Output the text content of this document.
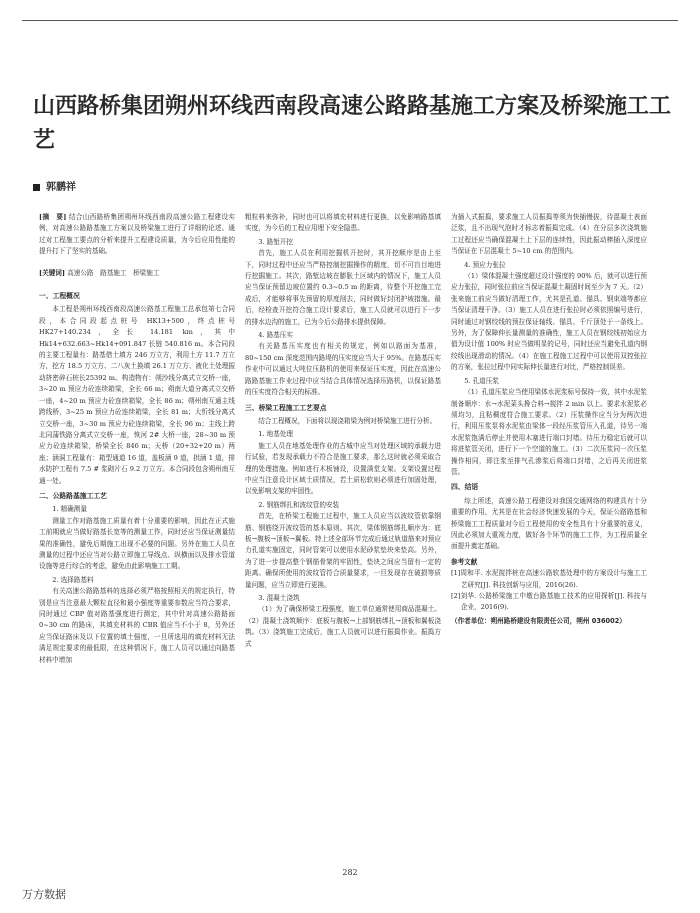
山西路桥集团朔州环线西南段高速公路路基施工方案及桥梁施工工艺
郭鹏祥

[摘　要] 结合山西路桥集团朔州环线西南段高速公路工程建设实例，对高速公路路基施工方案以及桥梁施工进行了详细的论述。通过对工程施工要点的分析来提升工程建设质量，为今后应用性能的提升打下了坚实的基础。

[关键词] 高速公路　路基施工　桥梁施工

一、工程概况

本工程是朔州环线西南段高速公路基工程施工总承包第七合同段，本合同段起点桩号 HK13+500，终点桩号 HK27+140.234，全长 14.181 km，其中 Hk14+632.663~Hk14+091.847 长链 540.816 m。本合同段的主要工程量有：路基借土填方 246 万立方，利用土方 11.7 万立方，挖方 18.5 万立方、二八灰土换填 26.1 万立方、液化土处理振动挤密碎石桩长25392 m。构造物有：朔沙线分离式立交桥一座，3~20 m 预应力砼连续箱梁，全长 66 m；朔南大道分离式立交桥一座，4~20 m 预应力砼连续箱梁，全长 86 m；朔州南互通主线跨线桥，3~25 m 预应力砼连续箱梁，全长 81 m；大忻线分离式立交桥一座，3~30 m 预应力砼连续箱梁，全长 96 m；主线上跨北同蒲铁路分离式立交桥一座，恢河 2# 大桥一座，28~30 m 预应力砼连续箱梁，桥梁全长 846 m；天桥（20+32+20 m）两座；涵洞工程量有：箱型通道 16 道，盖板涵 9 道，拱涵 1 道，排水防护工程有 7.5 # 浆砌片石 9.2 万立方。本合同段包含朔州南互通一处。

二、公路路基施工工艺

1. 精确测量

测量工作对路基施工质量有着十分重要的影响，因此在正式施工前期就应当做好路基长宽等的测量工作，同时还应当保证测量结果的准确性，避免后期施工出现不必要的问题。另外在施工人员在测量的过程中还应当对公路立即施工导线点、纵横面以及排水管道设施等进行综合的考虑，避免由此影响施工工期。

2. 选择路基料

有关高速公路路基料的选择必须严格按照相关的规定执行，特别是应当注意最大颗粒直径和最小强度等重要参数应当符合要求，同时通过 CBP 值对路基强度进行测定，其中针对高速公路路面 0~30 cm 的路床，其填充材料的 CBR 值应当不小于 8，另外还应当保证路床及以下位置的填土强度，一旦所选用的填充材料无法满足规定要求的最低限，在这种情况下，施工人员可以通过向路基材料中增加

粗粒料来弥补，同时也可以将填充材料进行更换，以免影响路基填实度，为今后的工程应用埋下安全隐患。

3. 路堑开挖

首先，施工人员在利用挖掘机开挖时，其开挖顺序是由上至下，同时过程中还应当严格控制挖掘操作的精度，切不可盲目地进行挖掘施工。其次，路堑边坡在膨胀土区域内的情况下，施工人员应当保证预留边坡位置约 0.3~0.5 m 的距离，待整个开挖施工完成后，才能够将事先预留的厚度削去，同时做好封闭护坡措施。最后，经检查开挖符合施工设计要求后，施工人员就可以进行下一步的排水边沟的施工，已为今后公路排水提供保障。

4. 路基压实

有关路基压实度也有相关的规定，例如以路面为基准，80~150 cm 深度范围内路堤的压实度应当大于 95%。在路基压实作业中可以通过大吨位压路机的使用来保证压实度，因此在高速公路路基施工作业过程中应当结合具体情况选择压路机，以保证路基的压实度符合相关的标准。

三、桥梁工程施工工艺要点

结合工程概况，下面将以现浇箱梁为例对桥梁施工进行分析。

1. 地基处理

施工人员在地基处理作业的古城中应当对处理区域的承载力进行试验，若发现承载力不符合是施工要求，那么这时就必须采取合理的处理措施。例如进行木板铺设，设置满堂支架。支架设置过程中应当注意设计区域土质情况，若土质松软则必须进行加固处理，以免影响支架的牢固性。

2. 钢筋绑扎和波纹管的安装

首先，在桥梁工程施工过程中，施工人员应当以波纹管依靠钢筋、钢筋绕开波纹管的基本原则。其次，梁体钢筋绑扎顺序为：底板→腹板→顶板→翼板。特上述全部环节完成后通过轨道筋来对预应力孔道实施固定，同时管架可以使用水泥砂浆垫块来垫高。另外，为了进一步提高整个钢筋骨架的牢固性，垫块之间应当留有一定的距离。确保所使用的波纹管符合质量要求，一旦发现存在破损等质量问题，应当立即进行更换。

3. 混凝土浇筑

（1）为了确保桥梁工程强度，施工单位通常使用商品混凝土。（2）混凝土浇筑顺序：底板与腹板→上部钢筋绑扎→顶板和翼板浇筑。（3）浇筑施工完成后，施工人员就可以进行振捣作业。振捣方式

为插入式振捣，要求施工人员振捣等须为快插慢拔，待混凝土表面泛浆，且不出现气泡时才标志着振捣完成。（4）在分层多次浇筑施工过程还应当确保混凝土上下层的连续性，因此振动棒插入深度应当保证在下层混凝土 5~10 cm 的范围内。

4. 预应力张拉

（1）梁体混凝土强度超过设计强度的 90% 后，就可以进行预应力张拉，同时张拉前应当保证混凝土凝固时间至少为 7 天。（2）张来施工前应当做好清理工作，尤其是孔道、锚具、钢束端等都应当保证清理干净。（3）施工人员在进行张拉时必须依照编号进行，同时通过对钢绞线的预拉保证轴线、锚具、千斤顶处于一条线上。另外，为了保障伸长量测量的准确性，施工人员在钢绞线初始应力值为设计值 100% 时应当做明显的记号，同时还应当避免孔道内钢绞线出现滑动的情况。（4）在施工程施工过程中可以使用双控张拉的方案，张拉过程中同实际伸长量进行对比，严格控制误差。

5. 孔道压浆

（1）孔道压浆应当使用梁体水泥浆标号保持一致，其中水泥浆制备顺序：水→水泥菜头搀合料→搅拌 2 min 以上。要求水泥浆必须均匀，且粘稠度符合施工要求。（2）压浆操作应当分为两次进行，利用压浆泵将水泥浆由梁体一段经压浆管压入孔道，待另一端水泥浆饱满后停止并使用木塞进行端口封堵。待压力稳定后就可以将进浆管关闭，进行下一个空道的施工。（3）二次压浆同一次压浆操作相同，即注浆至排气孔渗浆后将端口封堵，之后再关闭进浆管。

四、结语

综上所述，高速公路工程建设对我国交通网络的构建具有十分重要的作用，尤其是在社会经济快速发展的今天，保证公路路基和桥梁施工工程质量对今后工程使用的安全性具有十分重要的意义，因此必须加大重视力度，做好各个环节的施工工作，为工程质量全面提升奠定基础。

参考文献

[1]周和平. 水泥搅拌桩在高速公路软基处理中的方案设计与施工工艺研究[J]. 科技创新与应用，2016(26).

[2]刘华. 公路桥梁施工中墩台路基施工技术的应用探析[J]. 科技与企业，2016(9).

（作者单位：朔州路桥建设有限责任公司，朔州 036002）

282
万方数据
